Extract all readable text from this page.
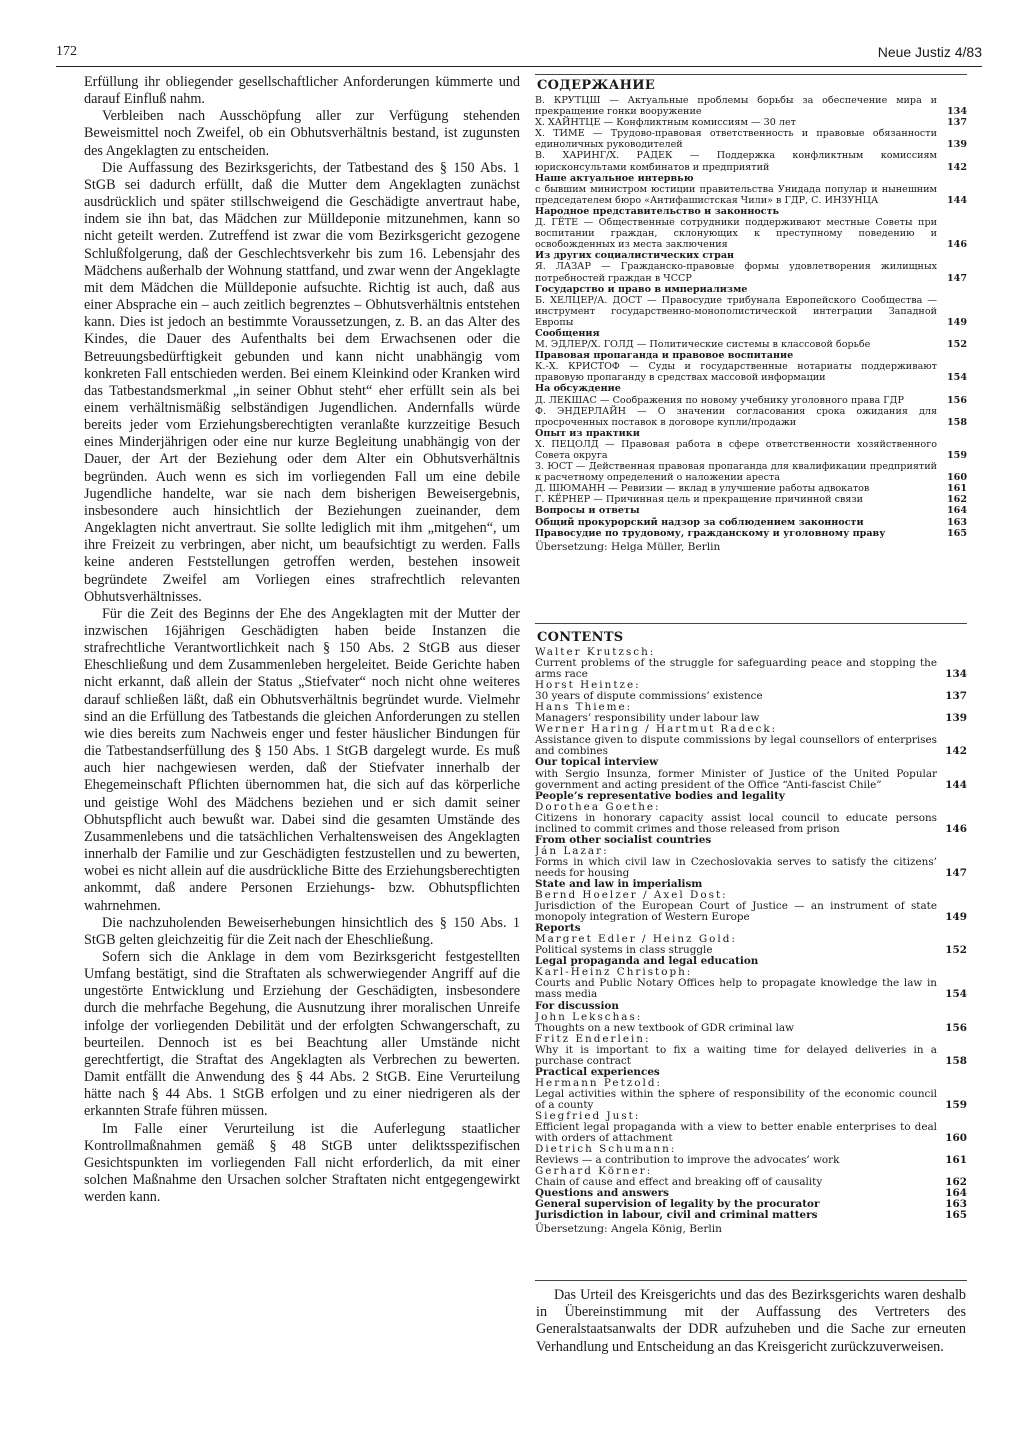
172	Neue Justiz 4/83

Erfüllung ihr obliegender gesellschaftlicher Anforderungen kümmerte und darauf Einfluß nahm.

Verbleiben nach Ausschöpfung aller zur Verfügung stehenden Beweismittel noch Zweifel, ob ein Obhutsverhältnis bestand, ist zugunsten des Angeklagten zu entscheiden.

Die Auffassung des Bezirksgerichts, der Tatbestand des § 150 Abs. 1 StGB sei dadurch erfüllt, daß die Mutter dem Angeklagten zunächst ausdrücklich und später stillschweigend die Geschädigte anvertraut habe, indem sie ihn bat, das Mädchen zur Mülldeponie mitzunehmen, kann so nicht geteilt werden. Zutreffend ist zwar die vom Bezirksgericht gezogene Schlußfolgerung, daß der Geschlechtsverkehr bis zum 16. Lebensjahr des Mädchens außerhalb der Wohnung stattfand, und zwar wenn der Angeklagte mit dem Mädchen die Mülldeponie aufsuchte. Richtig ist auch, daß aus einer Absprache ein – auch zeitlich begrenztes – Obhutsverhältnis entstehen kann. Dies ist jedoch an bestimmte Voraussetzungen, z. B. an das Alter des Kindes, die Dauer des Aufenthalts bei dem Erwachsenen oder die Betreuungsbedürftigkeit gebunden und kann nicht unabhängig vom konkreten Fall entschieden werden. Bei einem Kleinkind oder Kranken wird das Tatbestandsmerkmal „in seiner Obhut steht“ eher erfüllt sein als bei einem verhältnismäßig selbständigen Jugendlichen. Andernfalls würde bereits jeder vom Erziehungsberechtigten veranlaßte kurzzeitige Besuch eines Minderjährigen oder eine nur kurze Begleitung unabhängig von der Dauer, der Art der Beziehung oder dem Alter ein Obhutsverhältnis begründen. Auch wenn es sich im vorliegenden Fall um eine debile Jugendliche handelte, war sie nach dem bisherigen Beweisergebnis, insbesondere auch hinsichtlich der Beziehungen zueinander, dem Angeklagten nicht anvertraut. Sie sollte lediglich mit ihm „mitgehen“, um ihre Freizeit zu verbringen, aber nicht, um beaufsichtigt zu werden. Falls keine anderen Feststellungen getroffen werden, bestehen insoweit begründete Zweifel am Vorliegen eines strafrechtlich relevanten Obhutsverhältnisses.

Für die Zeit des Beginns der Ehe des Angeklagten mit der Mutter der inzwischen 16jährigen Geschädigten haben beide Instanzen die strafrechtliche Verantwortlichkeit nach § 150 Abs. 2 StGB aus dieser Eheschließung und dem Zusammenleben hergeleitet. Beide Gerichte haben nicht erkannt, daß allein der Status „Stiefvater“ noch nicht ohne weiteres darauf schließen läßt, daß ein Obhutsverhältnis begründet wurde. Vielmehr sind an die Erfüllung des Tatbestands die gleichen Anforderungen zu stellen wie dies bereits zum Nachweis enger und fester häuslicher Bindungen für die Tatbestandserfüllung des § 150 Abs. 1 StGB dargelegt wurde. Es muß auch hier nachgewiesen werden, daß der Stiefvater innerhalb der Ehegemeinschaft Pflichten übernommen hat, die sich auf das körperliche und geistige Wohl des Mädchens beziehen und er sich damit seiner Obhutspflicht auch bewußt war. Dabei sind die gesamten Umstände des Zusammenlebens und die tatsächlichen Verhaltensweisen des Angeklagten innerhalb der Familie und zur Geschädigten festzustellen und zu bewerten, wobei es nicht allein auf die ausdrückliche Bitte des Erziehungsberechtigten ankommt, daß andere Personen Erziehungs- bzw. Obhutspflichten wahrnehmen.

Die nachzuholenden Beweiserhebungen hinsichtlich des § 150 Abs. 1 StGB gelten gleichzeitig für die Zeit nach der Eheschließung.

Sofern sich die Anklage in dem vom Bezirksgericht festgestellten Umfang bestätigt, sind die Straftaten als schwerwiegender Angriff auf die ungestörte Entwicklung und Erziehung der Geschädigten, insbesondere durch die mehrfache Begehung, die Ausnutzung ihrer moralischen Unreife infolge der vorliegenden Debilität und der erfolgten Schwangerschaft, zu beurteilen. Dennoch ist es bei Beachtung aller Umstände nicht gerechtfertigt, die Straftat des Angeklagten als Verbrechen zu bewerten. Damit entfällt die Anwendung des § 44 Abs. 2 StGB. Eine Verurteilung hätte nach § 44 Abs. 1 StGB erfolgen und zu einer niedrigeren als der erkannten Strafe führen müssen.

Im Falle einer Verurteilung ist die Auferlegung staatlicher Kontrollmaßnahmen gemäß § 48 StGB unter deliktsspezifischen Gesichtspunkten im vorliegenden Fall nicht erforderlich, da mit einer solchen Maßnahme den Ursachen solcher Straftaten nicht entgegengewirkt werden kann.

СОДЕРЖАНИЕ
В. КРУТЦШ — Актуальные проблемы борьбы за обеспечение мира и прекращение гонки вооружение	134
Х. ХАЙНТЦЕ — Конфликтным комиссиям — 30 лет	137
Х. ТИМЕ — Трудово-правовая ответственность и правовые обязанности единоличных руководителей	139
В. ХАРИНГ/Х. РАДЕК — Поддержка конфликтным комиссиям юрисконсультами комбинатов и предприятий	142
Наше актуальное интервью
с бывшим министром юстиции правительства Унидада популар и нынешним председателем бюро «Антифашистская Чили» в ГДР, С. ИНЗУНЦА	144
Народное представительство и законность
Д. ГЁТЕ — Общественные сотрудники поддерживают местные Советы при воспитании граждан, склонующих к преступному поведению и освобожденных из места заключения	146
Из других социалистических стран
Я. ЛАЗАР — Гражданско-правовые формы удовлетворения жилищных потребностей граждан в ЧССР	147
Государство и право в империализме
Б. ХЕЛЦЕР/А. ДОСТ — Правосудие трибунала Европейского Сообщества — инструмент государственно-монополистической интеграции Западной Европы	149
Сообщения
М. ЭДЛЕР/Х. ГОЛД — Политические системы в классовой борьбе	152
Правовая пропаганда и правовое воспитание
К.-Х. КРИСТОФ — Суды и государственные нотариаты поддерживают правовую пропаганду в средствах массовой информации	154
На обсуждение
Д. ЛЕКШАС — Соображения по новому учебнику уголовного права ГДР	156
Ф. ЭНДЕРЛАЙН — О значении согласования срока ожидания для просроченных поставок в договоре купли/продажи	158
Опыт из практики
Х. ПЕЦОЛД — Правовая работа в сфере ответственности хозяйственного Совета округа	159
З. ЮСТ — Действенная правовая пропаганда для квалификации предприятий к расчетному определений о наложении ареста	160
Д. ШЮМАНН — Ревизии — вклад в улучшение работы адвокатов	161
Г. КЁРНЕР — Причинная цель и прекращение причинной связи	162
Вопросы и ответы	164
Общий прокурорский надзор за соблюдением законности	163
Правосудие по трудовому, гражданскому и уголовному праву	165
Übersetzung: Helga Müller, Berlin
CONTENTS
Walter Krutzsch:
Current problems of the struggle for safeguarding peace and stopping the arms race	134
Horst Heintze:
30 years of dispute commissions’ existence	137
Hans Thieme:
Managers’ responsibility under labour law	139
Werner Haring / Hartmut Radeck:
Assistance given to dispute commissions by legal counsellors of enterprises and combines	142
Our topical interview
with Sergio Insunza, former Minister of Justice of the United Popular government and acting president of the Office “Anti-fascist Chile”	144
People’s representative bodies and legality
Dorothea Goethe:
Citizens in honorary capacity assist local council to educate persons inclined to commit crimes and those released from prison	146
From other socialist countries
Ján Lazar:
Forms in which civil law in Czechoslovakia serves to satisfy the citizens’ needs for housing	147
State and law in imperialism
Bernd Hoelzer / Axel Dost:
Jurisdiction of the European Court of Justice — an instrument of state monopoly integration of Western Europe	149
Reports
Margret Edler / Heinz Gold:
Political systems in class struggle	152
Legal propaganda and legal education
Karl-Heinz Christoph:
Courts and Public Notary Offices help to propagate knowledge the law in mass media	154
For discussion
John Lekschas:
Thoughts on a new textbook of GDR criminal law	156
Fritz Enderlein:
Why it is important to fix a waiting time for delayed deliveries in a purchase contract	158
Practical experiences
Hermann Petzold:
Legal activities within the sphere of responsibility of the economic council of a county	159
Siegfried Just:
Efficient legal propaganda with a view to better enable enterprises to deal with orders of attachment	160
Dietrich Schumann:
Reviews — a contribution to improve the advocates’ work	161
Gerhard Körner:
Chain of cause and effect and breaking off of causality	162
Questions and answers	164
General supervision of legality by the procurator	163
Jurisdiction in labour, civil and criminal matters	165
Übersetzung: Angela König, Berlin
Das Urteil des Kreisgerichts und das des Bezirksgerichts waren deshalb in Übereinstimmung mit der Auffassung des Vertreters des Generalstaatsanwalts der DDR aufzuheben und die Sache zur erneuten Verhandlung und Entscheidung an das Kreisgericht zurückzuverweisen.
